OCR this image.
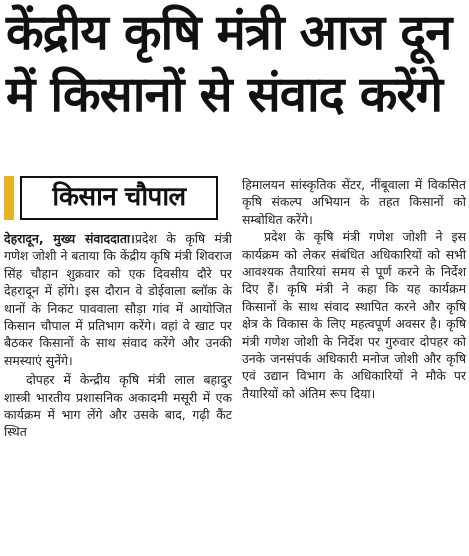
केंद्रीय कृषि मंत्री आज दून
में किसानों से संवाद करेंगे
किसान चौपाल

देहरादून, मुख्य संवाददाता।प्रदेश के कृषि मंत्री गणेश जोशी ने बताया कि केंद्रीय कृषि मंत्री शिवराज सिंह चौहान शुक्रवार को एक दिवसीय दौरे पर देहरादून में होंगे। इस दौरान वे डोईवाला ब्लॉक के थानों के निकट पाववाला सौड़ा गांव में आयोजित किसान चौपाल में प्रतिभाग करेंगे। वहां वे खाट पर बैठकर किसानों के साथ संवाद करेंगे और उनकी समस्याएं सुनेंगे।

दोपहर में केन्द्रीय कृषि मंत्री लाल बहादुर शास्त्री भारतीय प्रशासनिक अकादमी मसूरी में एक कार्यक्रम में भाग लेंगे और उसके बाद, गढ़ी कैंट स्थित

हिमालयन सांस्कृतिक सेंटर, नींबूवाला में विकसित कृषि संकल्प अभियान के तहत किसानों को सम्बोधित करेंगे।

प्रदेश के कृषि मंत्री गणेश जोशी ने इस कार्यक्रम को लेकर संबंधित अधिकारियों को सभी आवश्यक तैयारियां समय से पूर्ण करने के निर्देश दिए हैं। कृषि मंत्री ने कहा कि यह कार्यक्रम किसानों के साथ संवाद स्थापित करने और कृषि क्षेत्र के विकास के लिए महत्वपूर्ण अवसर है। कृषि मंत्री गणेश जोशी के निर्देश पर गुरुवार दोपहर को उनके जनसंपर्क अधिकारी मनोज जोशी और कृषि एवं उद्यान विभाग के अधिकारियों ने मौके पर तैयारियों को अंतिम रूप दिया।
